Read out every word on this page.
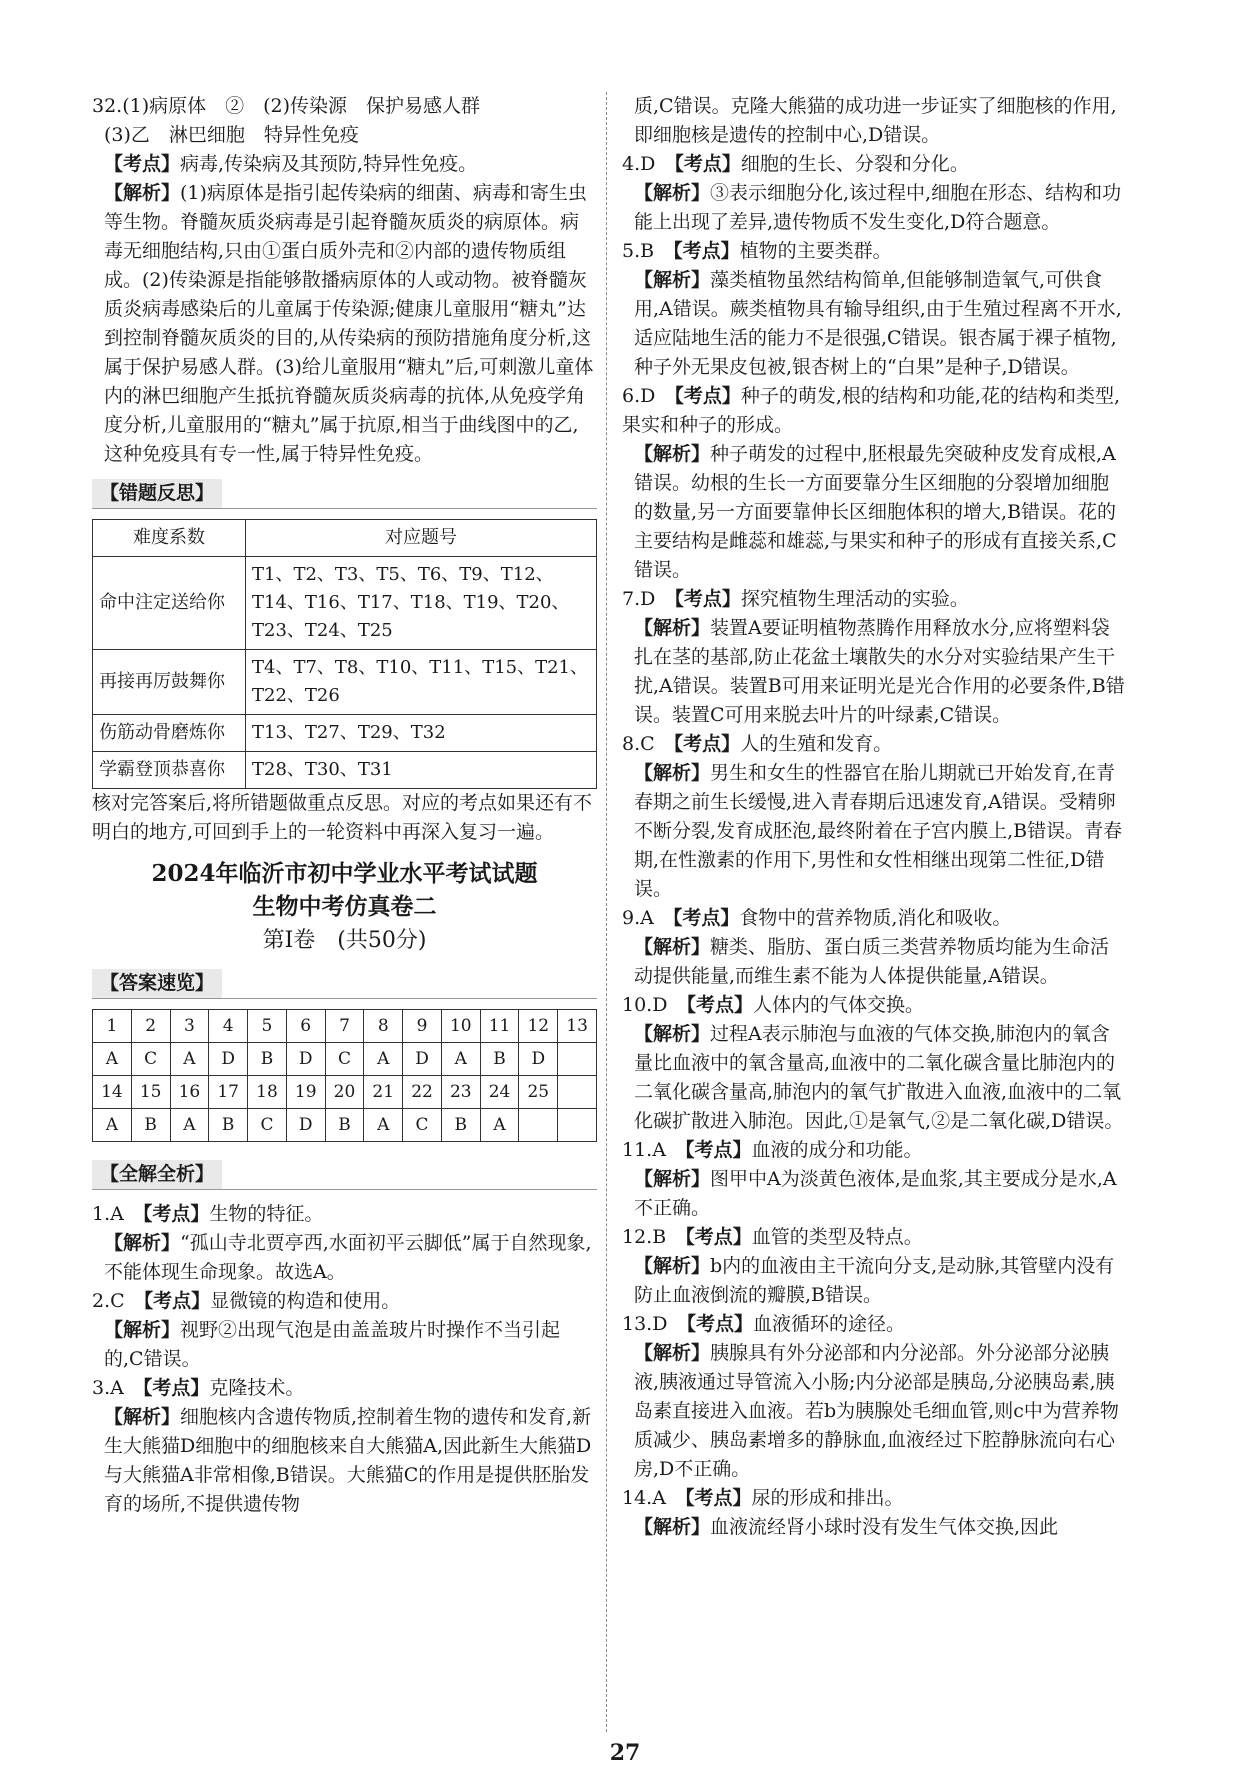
32.(1)病原体　②　(2)传染源　保护易感人群

(3)乙　淋巴细胞　特异性免疫

【考点】病毒,传染病及其预防,特异性免疫。

【解析】(1)病原体是指引起传染病的细菌、病毒和寄生虫等生物。脊髓灰质炎病毒是引起脊髓灰质炎的病原体。病毒无细胞结构,只由①蛋白质外壳和②内部的遗传物质组成。(2)传染源是指能够散播病原体的人或动物。被脊髓灰质炎病毒感染后的儿童属于传染源;健康儿童服用“糖丸”达到控制脊髓灰质炎的目的,从传染病的预防措施角度分析,这属于保护易感人群。(3)给儿童服用“糖丸”后,可刺激儿童体内的淋巴细胞产生抵抗脊髓灰质炎病毒的抗体,从免疫学角度分析,儿童服用的“糖丸”属于抗原,相当于曲线图中的乙,这种免疫具有专一性,属于特异性免疫。

【错题反思】
难度系数	对应题号
命中注定送给你	T1、T2、T3、T5、T6、T9、T12、T14、T16、T17、T18、T19、T20、T23、T24、T25
再接再厉鼓舞你	T4、T7、T8、T10、T11、T15、T21、T22、T26
伤筋动骨磨炼你	T13、T27、T29、T32
学霸登顶恭喜你	T28、T30、T31

核对完答案后,将所错题做重点反思。对应的考点如果还有不明白的地方,可回到手上的一轮资料中再深入复习一遍。

2024年临沂市初中学业水平考试试题
生物中考仿真卷二
第Ⅰ卷　(共50分)
【答案速览】
1	2	3	4	5	6	7	8	9	10	11	12	13
A	C	A	D	B	D	C	A	D	A	B	D	
14	15	16	17	18	19	20	21	22	23	24	25	
A	B	A	B	C	D	B	A	C	B	A		
【全解全析】

1.A　【考点】生物的特征。

【解析】“孤山寺北贾亭西,水面初平云脚低”属于自然现象,不能体现生命现象。故选A。

2.C　【考点】显微镜的构造和使用。

【解析】视野②出现气泡是由盖盖玻片时操作不当引起的,C错误。

3.A　【考点】克隆技术。

【解析】细胞核内含遗传物质,控制着生物的遗传和发育,新生大熊猫D细胞中的细胞核来自大熊猫A,因此新生大熊猫D与大熊猫A非常相像,B错误。大熊猫C的作用是提供胚胎发育的场所,不提供遗传物

质,C错误。克隆大熊猫的成功进一步证实了细胞核的作用,即细胞核是遗传的控制中心,D错误。

4.D　【考点】细胞的生长、分裂和分化。

【解析】③表示细胞分化,该过程中,细胞在形态、结构和功能上出现了差异,遗传物质不发生变化,D符合题意。

5.B　【考点】植物的主要类群。

【解析】藻类植物虽然结构简单,但能够制造氧气,可供食用,A错误。蕨类植物具有输导组织,由于生殖过程离不开水,适应陆地生活的能力不是很强,C错误。银杏属于裸子植物,种子外无果皮包被,银杏树上的“白果”是种子,D错误。

6.D　【考点】种子的萌发,根的结构和功能,花的结构和类型,果实和种子的形成。

【解析】种子萌发的过程中,胚根最先突破种皮发育成根,A错误。幼根的生长一方面要靠分生区细胞的分裂增加细胞的数量,另一方面要靠伸长区细胞体积的增大,B错误。花的主要结构是雌蕊和雄蕊,与果实和种子的形成有直接关系,C错误。

7.D　【考点】探究植物生理活动的实验。

【解析】装置A要证明植物蒸腾作用释放水分,应将塑料袋扎在茎的基部,防止花盆土壤散失的水分对实验结果产生干扰,A错误。装置B可用来证明光是光合作用的必要条件,B错误。装置C可用来脱去叶片的叶绿素,C错误。

8.C　【考点】人的生殖和发育。

【解析】男生和女生的性器官在胎儿期就已开始发育,在青春期之前生长缓慢,进入青春期后迅速发育,A错误。受精卵不断分裂,发育成胚泡,最终附着在子宫内膜上,B错误。青春期,在性激素的作用下,男性和女性相继出现第二性征,D错误。

9.A　【考点】食物中的营养物质,消化和吸收。

【解析】糖类、脂肪、蛋白质三类营养物质均能为生命活动提供能量,而维生素不能为人体提供能量,A错误。

10.D　【考点】人体内的气体交换。

【解析】过程A表示肺泡与血液的气体交换,肺泡内的氧含量比血液中的氧含量高,血液中的二氧化碳含量比肺泡内的二氧化碳含量高,肺泡内的氧气扩散进入血液,血液中的二氧化碳扩散进入肺泡。因此,①是氧气,②是二氧化碳,D错误。

11.A　【考点】血液的成分和功能。

【解析】图甲中A为淡黄色液体,是血浆,其主要成分是水,A不正确。

12.B　【考点】血管的类型及特点。

【解析】b内的血液由主干流向分支,是动脉,其管壁内没有防止血液倒流的瓣膜,B错误。

13.D　【考点】血液循环的途径。

【解析】胰腺具有外分泌部和内分泌部。外分泌部分泌胰液,胰液通过导管流入小肠;内分泌部是胰岛,分泌胰岛素,胰岛素直接进入血液。若b为胰腺处毛细血管,则c中为营养物质减少、胰岛素增多的静脉血,血液经过下腔静脉流向右心房,D不正确。

14.A　【考点】尿的形成和排出。

【解析】血液流经肾小球时没有发生气体交换,因此

27
